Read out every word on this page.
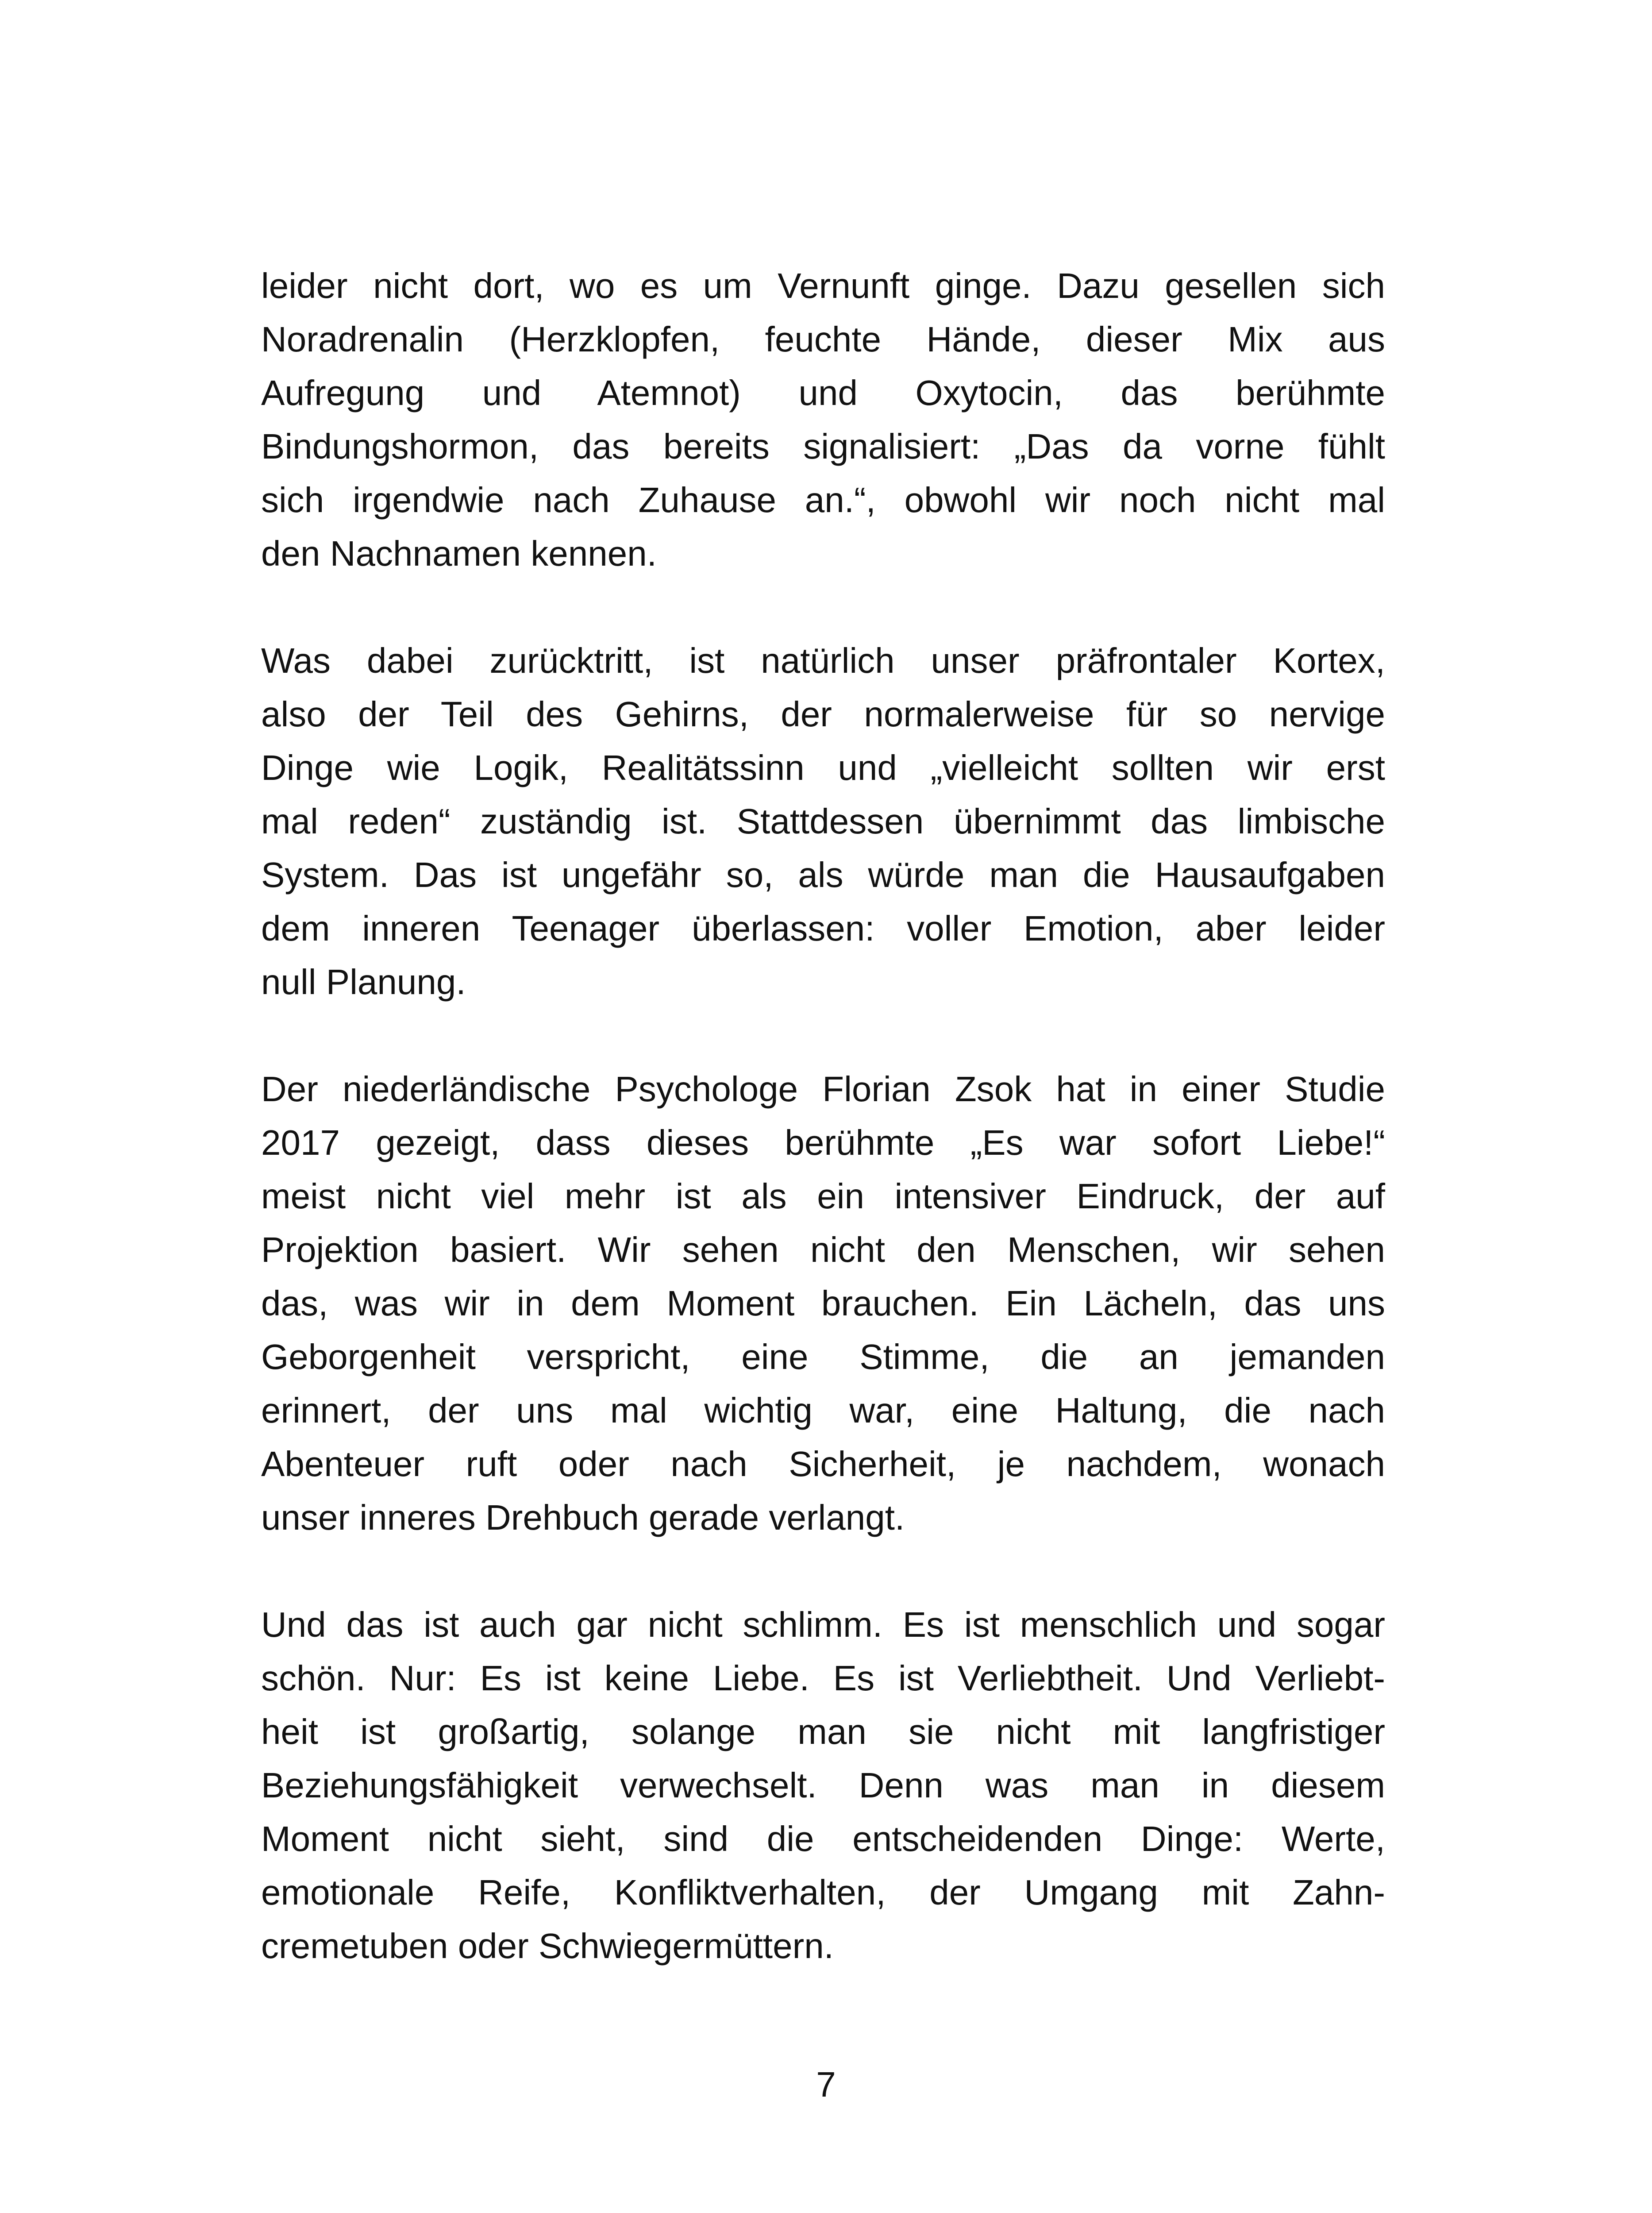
leider nicht dort, wo es um Vernunft ginge. Dazu gesellen sich
Noradrenalin (Herzklopfen, feuchte Hände, dieser Mix aus
Aufregung und Atemnot) und Oxytocin, das berühmte
Bindungshormon, das bereits signalisiert: „Das da vorne fühlt
sich irgendwie nach Zuhause an.“, obwohl wir noch nicht mal
den Nachnamen kennen.

Was dabei zurücktritt, ist natürlich unser präfrontaler Kortex,
also der Teil des Gehirns, der normalerweise für so nervige
Dinge wie Logik, Realitätssinn und „vielleicht sollten wir erst
mal reden“ zuständig ist. Stattdessen übernimmt das limbische
System. Das ist ungefähr so, als würde man die Hausaufgaben
dem inneren Teenager überlassen: voller Emotion, aber leider
null Planung.

Der niederländische Psychologe Florian Zsok hat in einer Studie
2017 gezeigt, dass dieses berühmte „Es war sofort Liebe!“
meist nicht viel mehr ist als ein intensiver Eindruck, der auf
Projektion basiert. Wir sehen nicht den Menschen, wir sehen
das, was wir in dem Moment brauchen. Ein Lächeln, das uns
Geborgenheit verspricht, eine Stimme, die an jemanden
erinnert, der uns mal wichtig war, eine Haltung, die nach
Abenteuer ruft oder nach Sicherheit, je nachdem, wonach
unser inneres Drehbuch gerade verlangt.

Und das ist auch gar nicht schlimm. Es ist menschlich und sogar
schön. Nur: Es ist keine Liebe. Es ist Verliebtheit. Und Verliebt-
heit ist großartig, solange man sie nicht mit langfristiger
Beziehungsfähigkeit verwechselt. Denn was man in diesem
Moment nicht sieht, sind die entscheidenden Dinge: Werte,
emotionale Reife, Konfliktverhalten, der Umgang mit Zahn-
cremetuben oder Schwiegermüttern.

7
